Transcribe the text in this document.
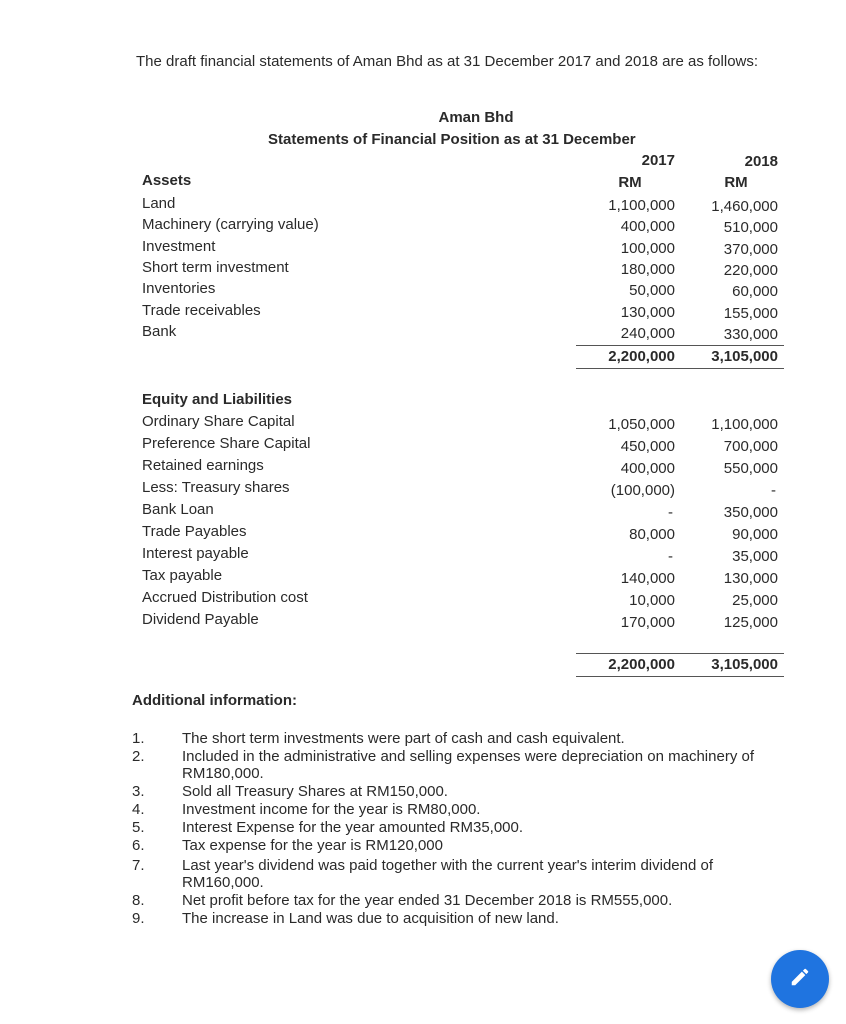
The draft financial statements of Aman Bhd as at 31 December 2017 and 2018 are as follows:
Aman Bhd
Statements of Financial Position as at 31 December
2017	2018
RM	RM
Assets
Land	1,100,000	1,460,000
Machinery (carrying value)	400,000	510,000
Investment	100,000	370,000
Short term investment	180,000	220,000
Inventories	50,000	60,000
Trade receivables	130,000	155,000
Bank	240,000	330,000
2,200,000	3,105,000
Equity and Liabilities
Ordinary Share Capital	1,050,000	1,100,000
Preference Share Capital	450,000	700,000
Retained earnings	400,000	550,000
Less: Treasury shares	(100,000)	-
Bank Loan	-	350,000
Trade Payables	80,000	90,000
Interest payable	-	35,000
Tax payable	140,000	130,000
Accrued Distribution cost	10,000	25,000
Dividend Payable	170,000	125,000
2,200,000	3,105,000
Additional information:
1. The short term investments were part of cash and cash equivalent.
2. Included in the administrative and selling expenses were depreciation on machinery of RM180,000.
3. Sold all Treasury Shares at RM150,000.
4. Investment income for the year is RM80,000.
5. Interest Expense for the year amounted RM35,000.
6. Tax expense for the year is RM120,000
7. Last year's dividend was paid together with the current year's interim dividend of RM160,000.
8. Net profit before tax for the year ended 31 December 2018 is RM555,000.
9. The increase in Land was due to acquisition of new land.
